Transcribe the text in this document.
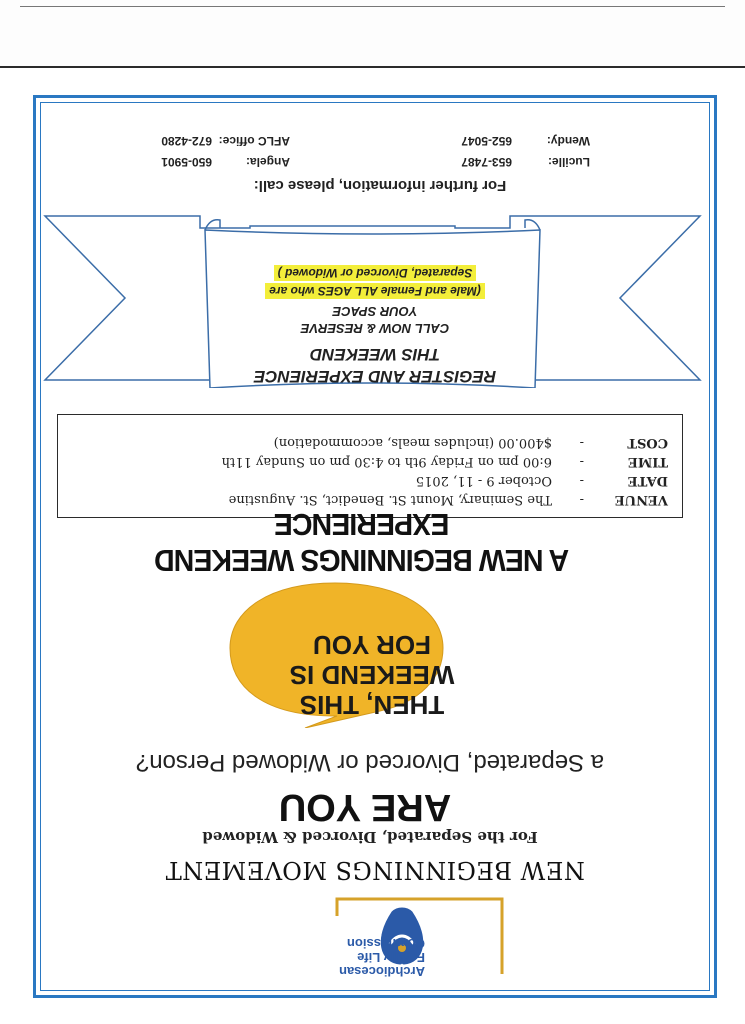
Lucille:653-7487
Wendy:652-5047
Angela:650-5901
AFLC office:672-4280
For further information, please call:
REGISTER AND EXPERIENCE
THIS WEEKEND
CALL NOW & RESERVE
YOUR SPACE
(Male and Female ALL AGES who are
Separated, Divorced or Widowed )
VENUE	-	The Seminary, Mount St. Benedict, St. Augustine
DATE	-	October 9 - 11, 2015
TIME	-	6:00 pm on Friday 9th to 4:30 pm on Sunday 11th
COST	-	$400.00 (includes meals, accommodation)
A NEW BEGINNINGS WEEKEND EXPERIENCE
THEN, THIS
WEEKEND IS
FOR YOU
a Separated, Divorced or Widowed Person?
ARE YOU
For the Separated, Divorced & Widowed
NEW BEGINNINGS MOVEMENT
Archdiocesan
Family Life
Commission
